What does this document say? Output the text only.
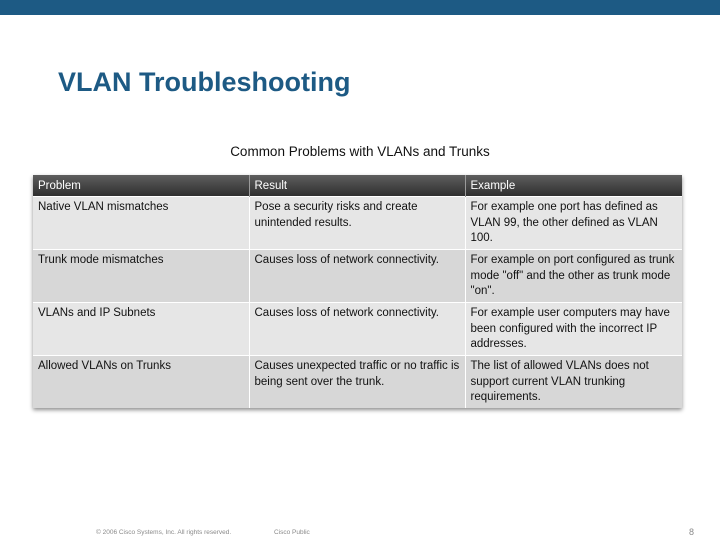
VLAN Troubleshooting
Common Problems with VLANs and Trunks
Problem	Result	Example
Native VLAN mismatches	Pose a security risks and create unintended results.	For example one port has defined as VLAN 99, the other defined as VLAN 100.
Trunk mode mismatches	Causes loss of network connectivity.	For example on port configured as trunk mode "off" and the other as trunk mode "on".
VLANs and IP Subnets	Causes loss of network connectivity.	For example user computers may have been configured with the incorrect IP addresses.
Allowed VLANs on Trunks	Causes unexpected traffic or no traffic is being sent over the trunk.	The list of allowed VLANs does not support current VLAN trunking requirements.
© 2006 Cisco Systems, Inc. All rights reserved.	Cisco Public	8
